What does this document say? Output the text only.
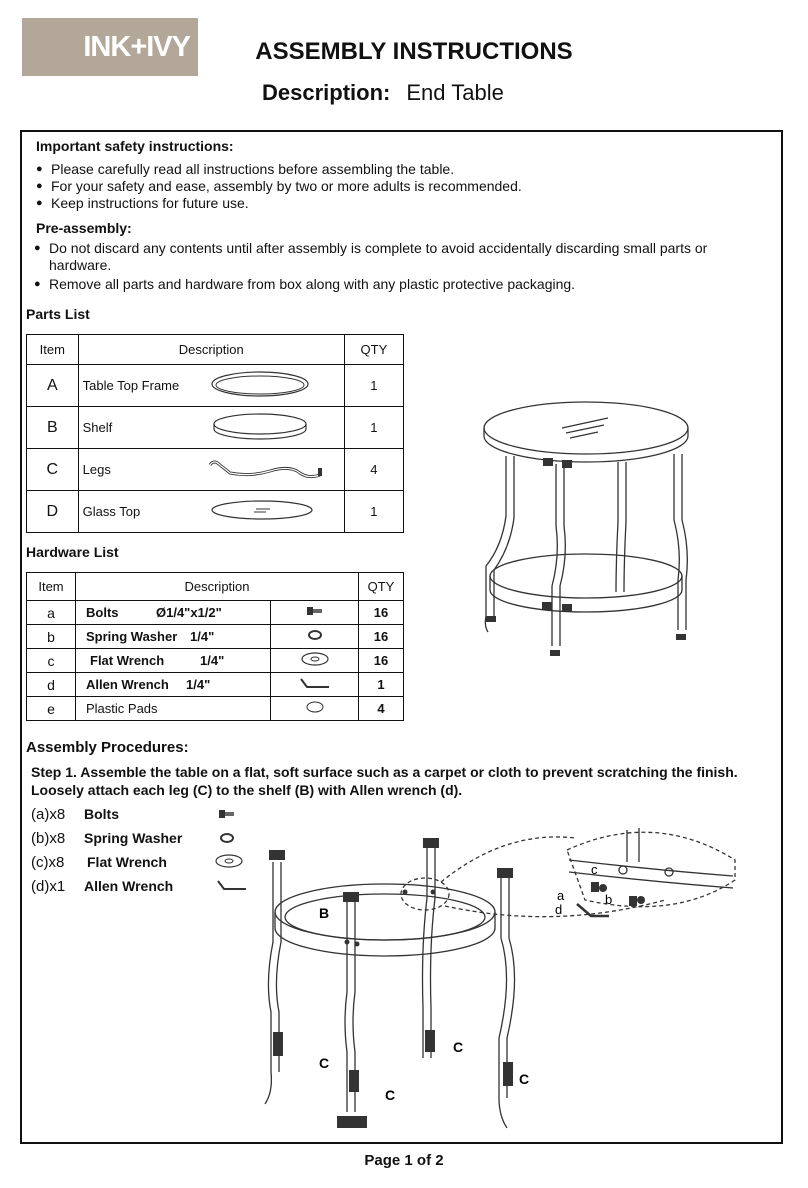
INK+IVY	ASSEMBLY INSTRUCTIONS
Description: End Table
Important safety instructions:
● Please carefully read all instructions before assembling the table.
● For your safety and ease, assembly by two or more adults is recommended.
● Keep instructions for future use.
Pre-assembly:
● Do not discard any contents until after assembly is complete to avoid accidentally discarding small parts or hardware.
● Remove all parts and hardware from box along with any plastic protective packaging.
Parts List
Item	Description		QTY
A	Table Top Frame		1
B	Shelf		1
C	Legs		4
D	Glass Top		1
Hardware List
Item	Description		QTY
a	Bolts Ø1/4"x1/2"		16
b	Spring Washer 1/4"		16
c	Flat Wrench 1/4"		16
d	Allen Wrench 1/4"		1
e	Plastic Pads		4
Assembly Procedures:
Step 1. Assemble the table on a flat, soft surface such as a carpet or cloth to prevent scratching the finish.
Loosely attach each leg (C) to the shelf (B) with Allen wrench (d).
(a)x8 Bolts
(b)x8 Spring Washer
(c)x8 Flat Wrench
(d)x1 Allen Wrench
B
C
C
C
C
c
a	b
d
Page 1 of 2
